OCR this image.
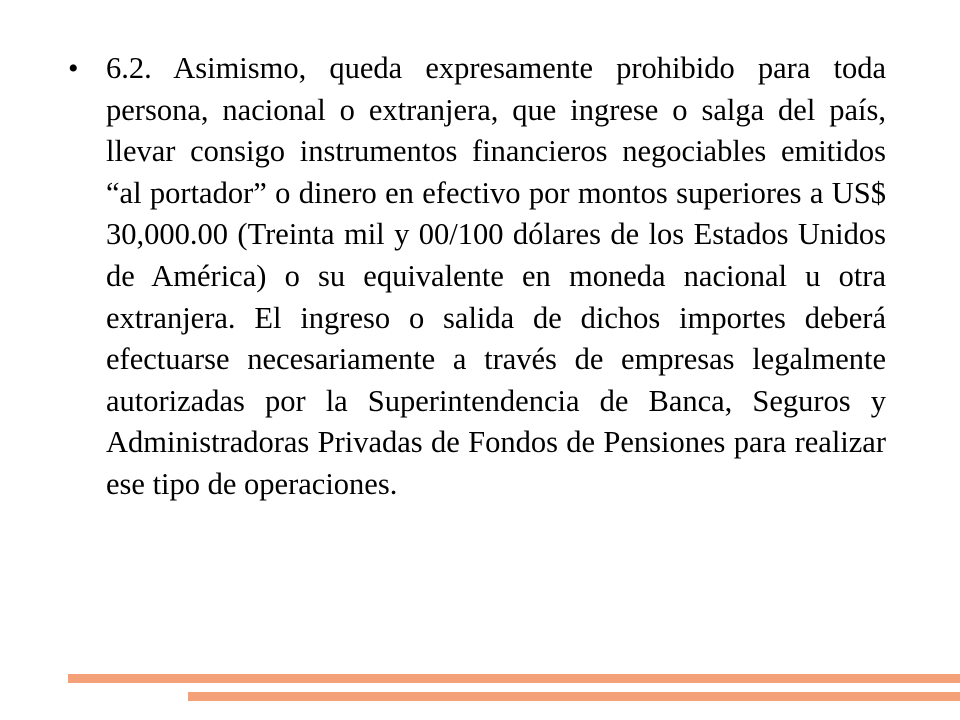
• 6.2. Asimismo, queda expresamente prohibido para toda persona, nacional o extranjera, que ingrese o salga del país, llevar consigo instrumentos financieros negociables emitidos “al portador” o dinero en efectivo por montos superiores a US$ 30,000.00 (Treinta mil y 00/100 dólares de los Estados Unidos de América) o su equivalente en moneda nacional u otra extranjera. El ingreso o salida de dichos importes deberá efectuarse necesariamente a través de empresas legalmente autorizadas por la Superintendencia de Banca, Seguros y Administradoras Privadas de Fondos de Pensiones para realizar ese tipo de operaciones.
